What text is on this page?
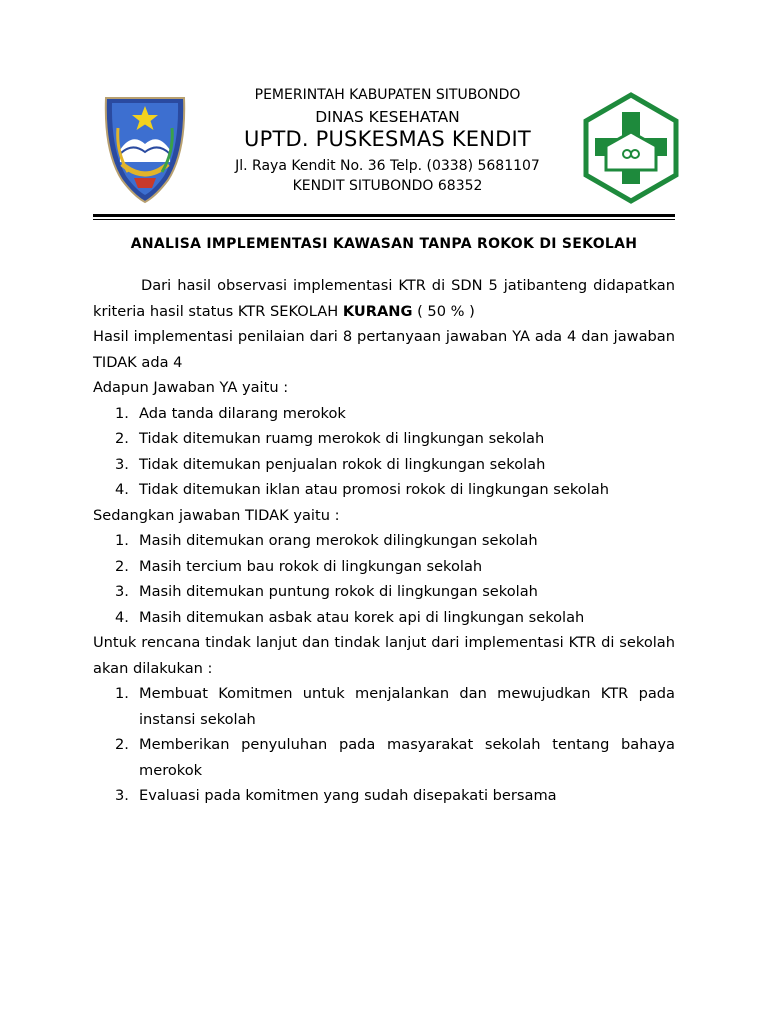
PEMERINTAH KABUPATEN SITUBONDO
DINAS KESEHATAN
UPTD. PUSKESMAS KENDIT
Jl. Raya Kendit No. 36 Telp. (0338) 5681107
KENDIT SITUBONDO 68352
ANALISA IMPLEMENTASI KAWASAN TANPA ROKOK DI SEKOLAH

Dari hasil observasi implementasi KTR di SDN 5 jatibanteng didapatkan kriteria hasil status KTR SEKOLAH KURANG ( 50 % )

Hasil implementasi penilaian dari 8 pertanyaan jawaban YA ada 4 dan jawaban TIDAK ada 4

Adapun Jawaban YA yaitu :

1. Ada tanda dilarang merokok
2. Tidak ditemukan ruamg merokok di lingkungan sekolah
3. Tidak ditemukan penjualan rokok di lingkungan sekolah
4. Tidak ditemukan iklan atau promosi rokok di lingkungan sekolah

Sedangkan jawaban TIDAK yaitu :

1. Masih ditemukan orang merokok dilingkungan sekolah
2. Masih tercium bau rokok di lingkungan sekolah
3. Masih ditemukan puntung rokok di lingkungan sekolah
4. Masih ditemukan asbak atau korek api di lingkungan sekolah

Untuk rencana tindak lanjut dan tindak lanjut dari implementasi KTR di sekolah akan dilakukan :

1. Membuat Komitmen untuk menjalankan dan mewujudkan KTR pada instansi sekolah
2. Memberikan penyuluhan pada masyarakat sekolah tentang bahaya merokok
3. Evaluasi pada komitmen yang sudah disepakati bersama
